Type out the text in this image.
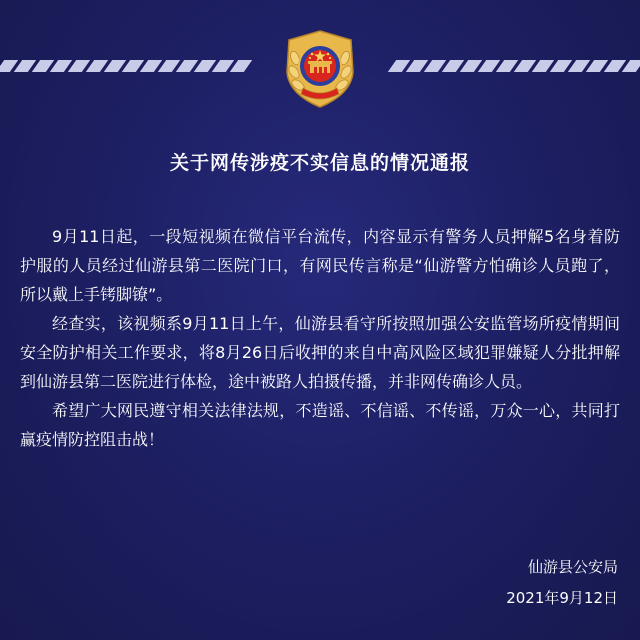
关于网传涉疫不实信息的情况通报

9月11日起，一段短视频在微信平台流传，内容显示有警务人员押解5名身着防护服的人员经过仙游县第二医院门口，有网民传言称是“仙游警方怕确诊人员跑了，所以戴上手铐脚镣”。

经查实，该视频系9月11日上午，仙游县看守所按照加强公安监管场所疫情期间安全防护相关工作要求，将8月26日后收押的来自中高风险区域犯罪嫌疑人分批押解到仙游县第二医院进行体检，途中被路人拍摄传播，并非网传确诊人员。

希望广大网民遵守相关法律法规，不造谣、不信谣、不传谣，万众一心，共同打赢疫情防控阻击战！

仙游县公安局
2021年9月12日
